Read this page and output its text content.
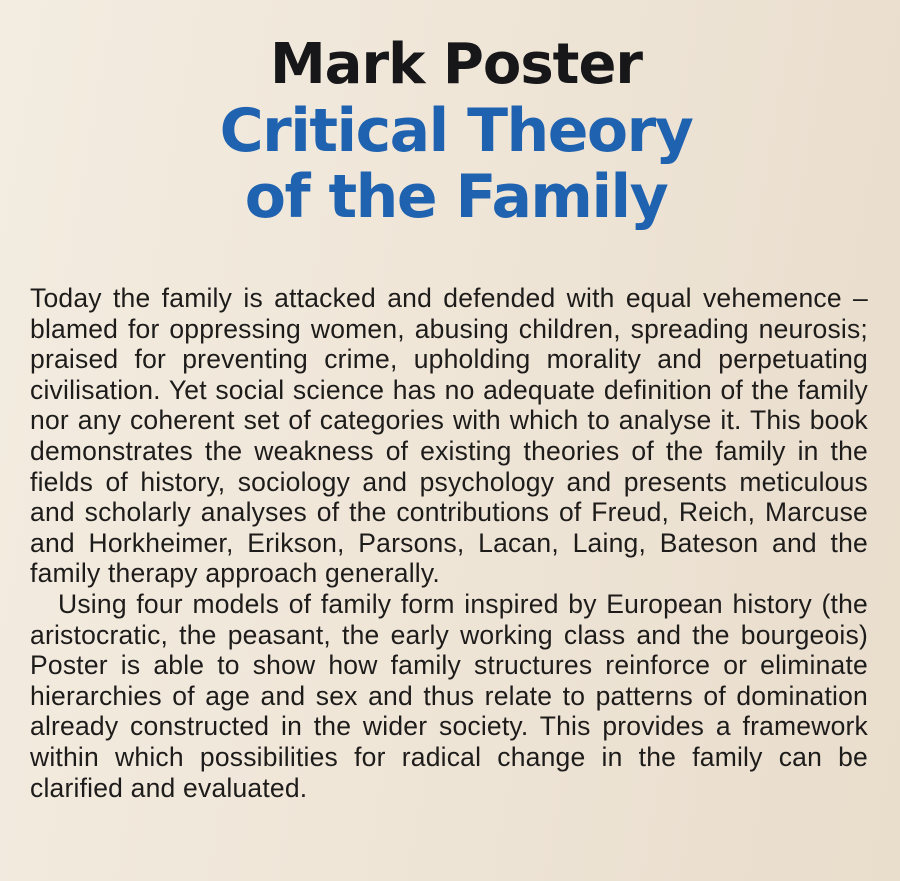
Mark Poster
Critical Theory
of the Family

Today the family is attacked and defended with equal vehemence – blamed for oppressing women, abusing children, spreading neurosis; praised for preventing crime, upholding morality and perpetuating civilisation. Yet social science has no adequate definition of the family nor any coherent set of categories with which to analyse it. This book demonstrates the weakness of existing theories of the family in the fields of history, sociology and psychology and presents meticulous and scholarly analyses of the contributions of Freud, Reich, Marcuse and Horkheimer, Erikson, Parsons, Lacan, Laing, Bateson and the family therapy approach generally.

Using four models of family form inspired by European history (the aristocratic, the peasant, the early working class and the bourgeois) Poster is able to show how family structures reinforce or eliminate hierarchies of age and sex and thus relate to patterns of domination already constructed in the wider society. This provides a framework within which possibilities for radical change in the family can be clarified and evaluated.
